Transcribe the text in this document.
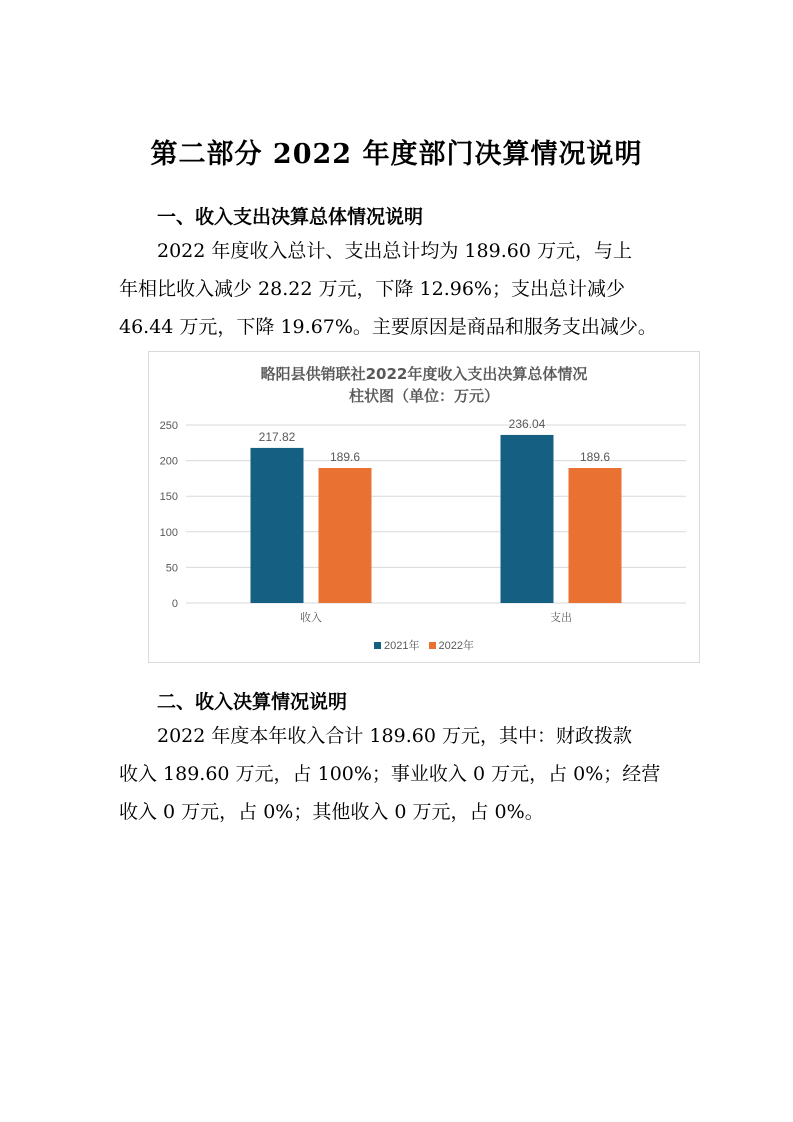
第二部分 2022 年度部门决算情况说明
一、收入支出决算总体情况说明
2022 年度收入总计、支出总计均为 189.60 万元，与上
年相比收入减少 28.22 万元，下降 12.96%；支出总计减少
46.44 万元，下降 19.67%。主要原因是商品和服务支出减少。
略阳县供销联社2022年度收入支出决算总体情况
柱状图（单位：万元）
0
50
100
150
200
250
217.82
189.6
收入
236.04
189.6
支出
2021年 2022年
二、收入决算情况说明
2022 年度本年收入合计 189.60 万元，其中：财政拨款
收入 189.60 万元，占 100%；事业收入 0 万元，占 0%；经营
收入 0 万元，占 0%；其他收入 0 万元，占 0%。
